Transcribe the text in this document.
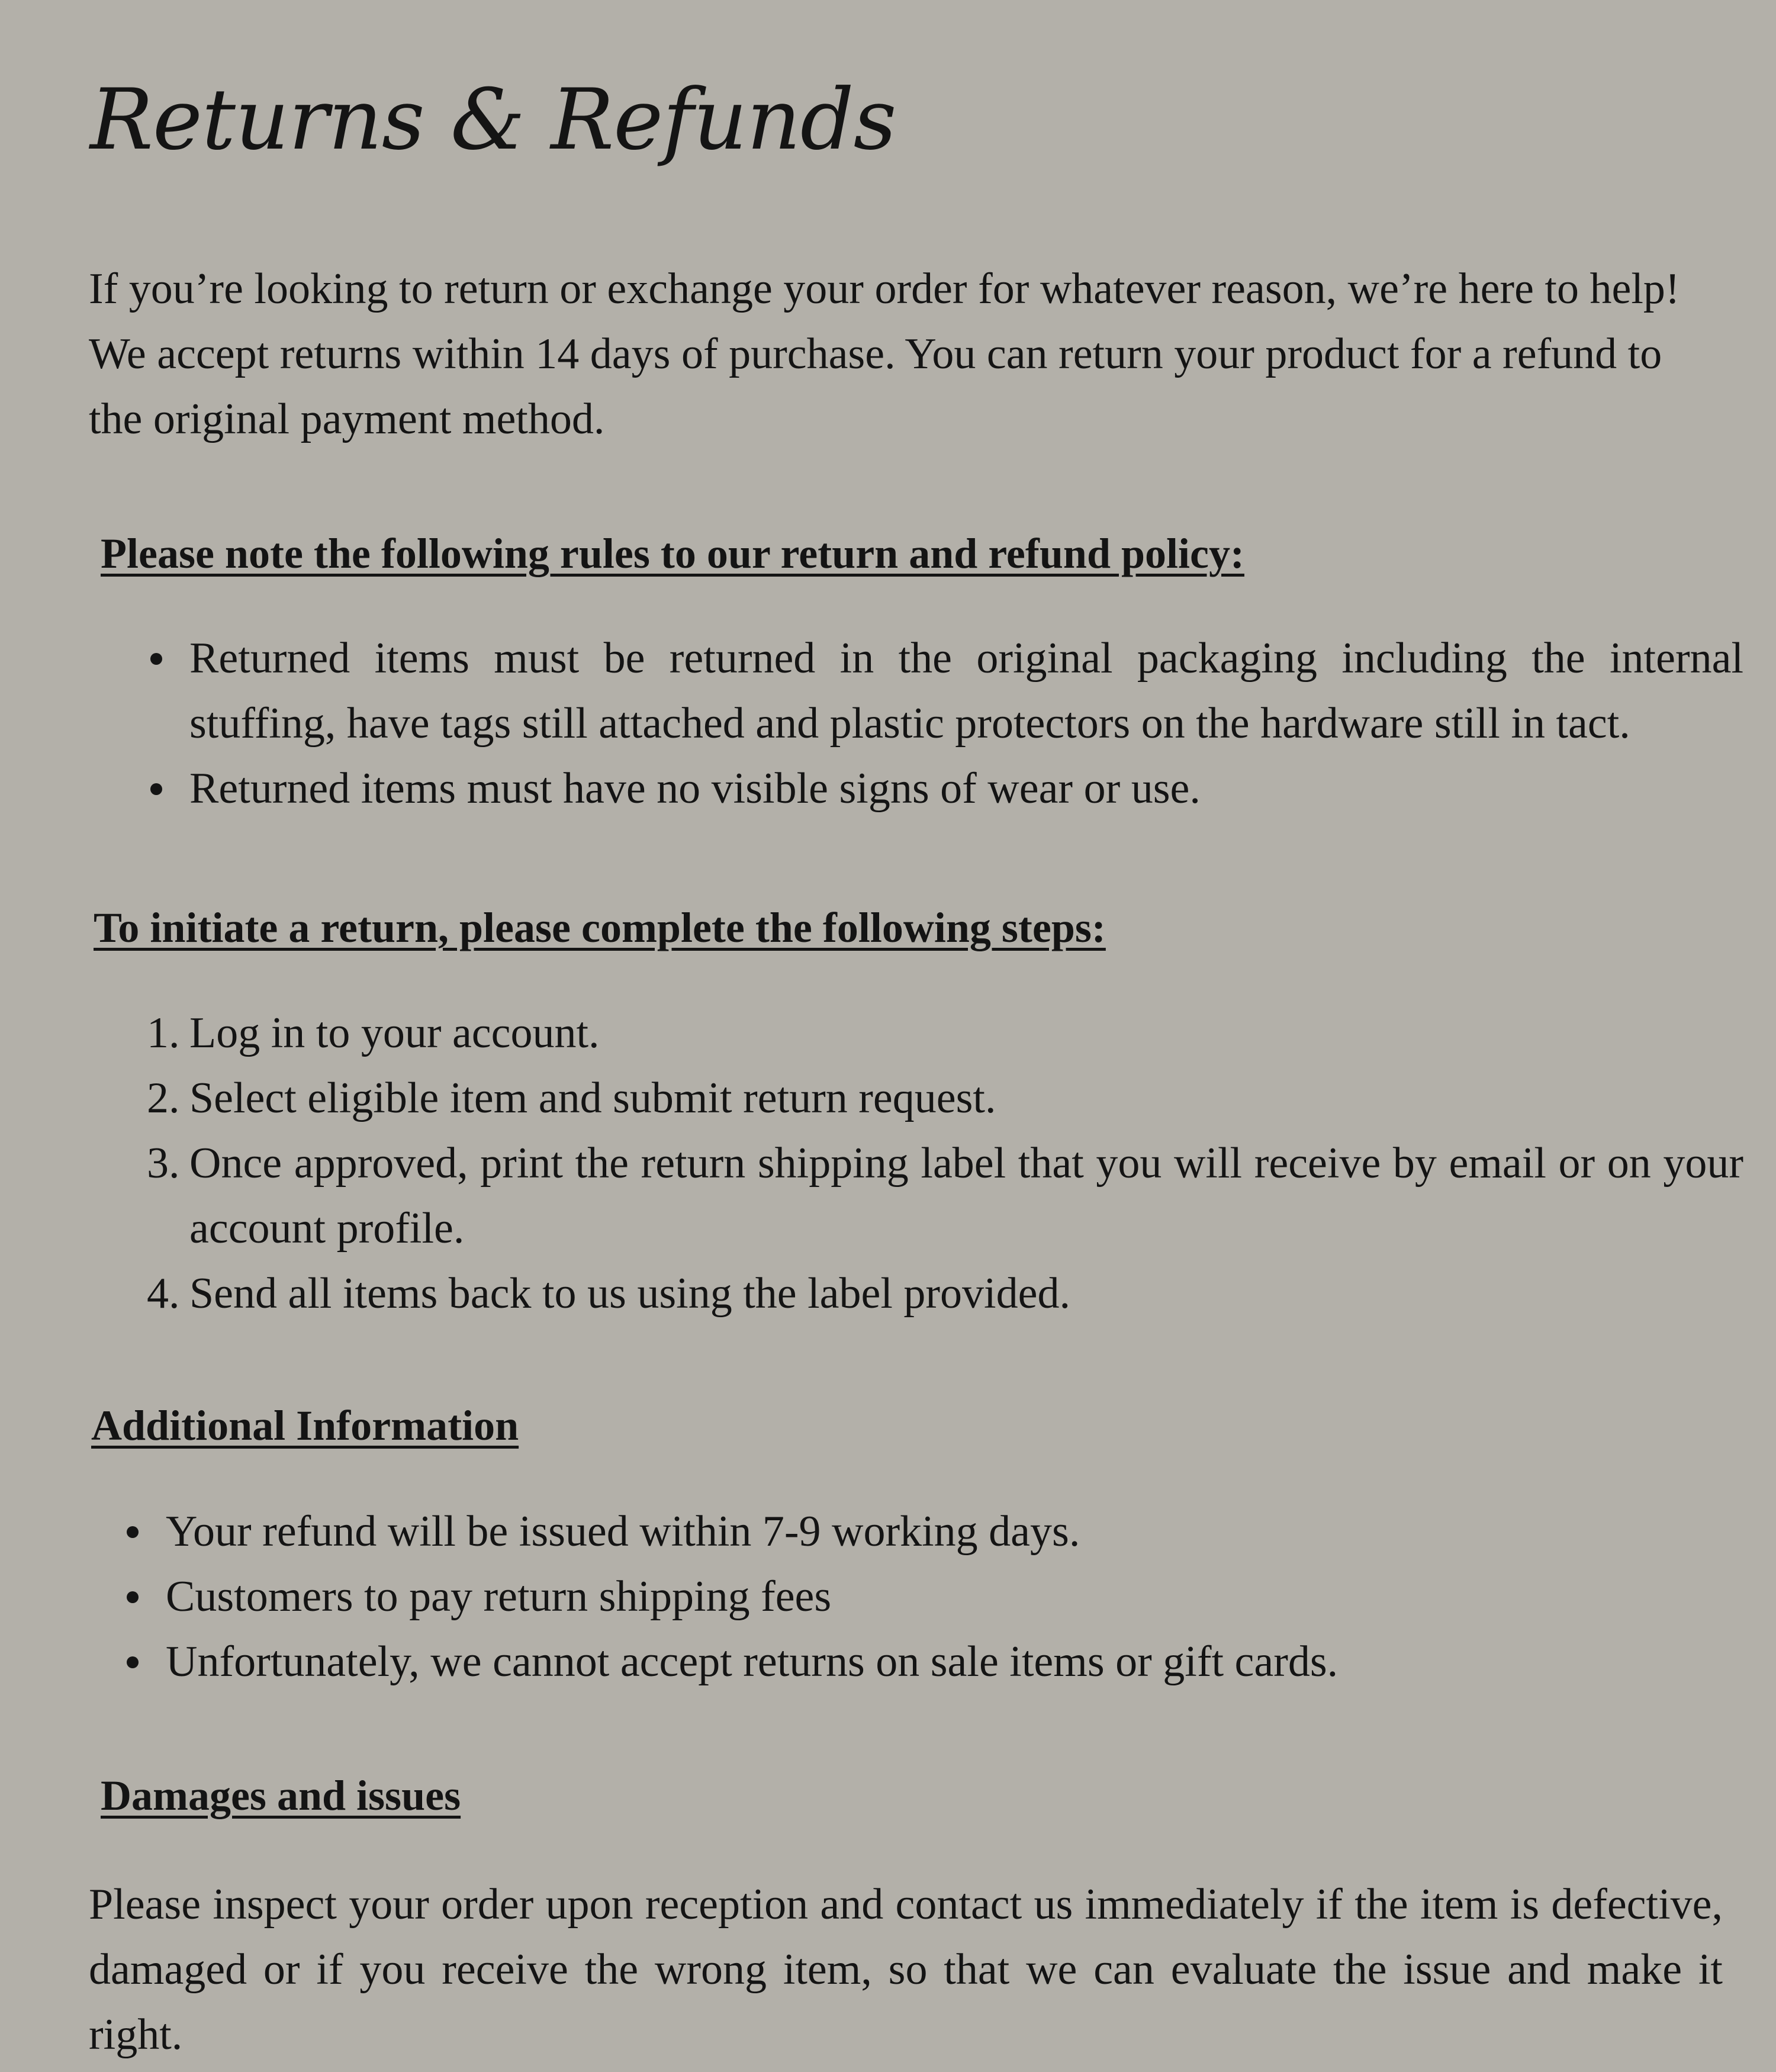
Returns & Refunds

If you’re looking to return or exchange your order for whatever reason, we’re here to help! We accept returns within 14 days of purchase. You can return your product for a refund to the original payment method.

Please note the following rules to our return and refund policy:
Returned items must be returned in the original packaging including the internal stuffing, have tags still attached and plastic protectors on the hardware still in tact.
Returned items must have no visible signs of wear or use.
To initiate a return, please complete the following steps:
1. Log in to your account.
2. Select eligible item and submit return request.
3. Once approved, print the return shipping label that you will receive by email or on your account profile.
4. Send all items back to us using the label provided.
Additional Information
Your refund will be issued within 7-9 working days.
Customers to pay return shipping fees
Unfortunately, we cannot accept returns on sale items or gift cards.
Damages and issues

Please inspect your order upon reception and contact us immediately if the item is defective, damaged or if you receive the wrong item, so that we can evaluate the issue and make it right.
